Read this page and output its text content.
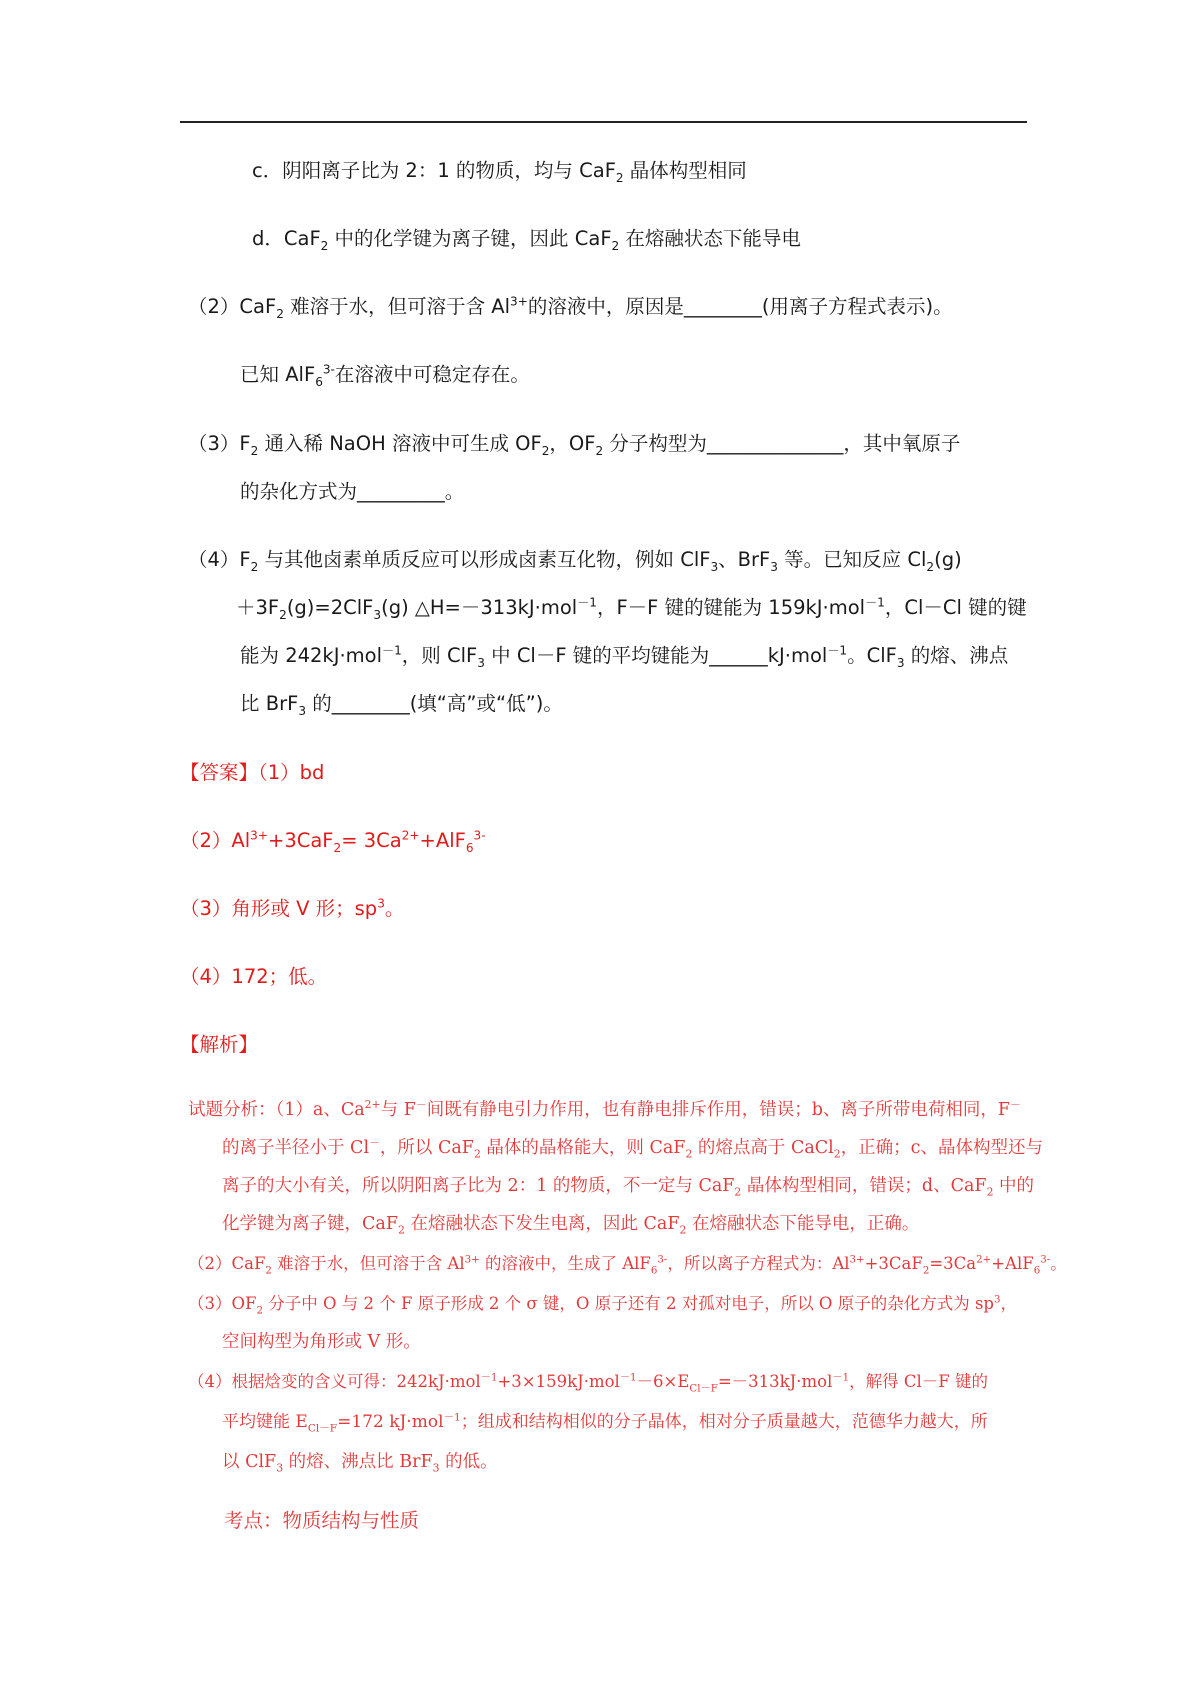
c．阴阳离子比为 2：1 的物质，均与 CaF$_2$ 晶体构型相同
d．CaF$_2$ 中的化学键为离子键，因此 CaF$_2$ 在熔融状态下能导电
（2）CaF$_2$ 难溶于水，但可溶于含 $Al^{3+}$的溶液中，原因是________(用离子方程式表示)。
已知 AlF$_6^{3-}$在溶液中可稳定存在。
$(3)F_2$ 通入稀 NaOH 溶液中可生成 $OF_2$，$OF_2$ 分子构型为______________，其中氧原子
的杂化方式为_________。
$(4)F_2$ 与其他卤素单质反应可以形成卤素互化物，例如 ClF$_3$、BrF$_3$ 等。已知反应 $Cl_2(g)$
$+3F_2(g)=2ClF_3(g)$ △H=－313kJ·mol$^{-1}$，F－F 键的键能为 159kJ·mol$^{-1}$，Cl－Cl 键的键
能为 242kJ·mol$^{-1}$，则 ClF$_3$ 中 Cl－F 键的平均键能为______kJ·mol$^{-1}$。ClF$_3$ 的熔、沸点
比 BrF$_3$ 的________(填“高”或“低”)。
【答案】（1）bd
$(2)Al^{3+}+3CaF_2= 3Ca^{2+}+AlF_6^{3-}$
（3）角形或 V 形；$sp^3$。
（4）172；低。
【解析】
试题分析：（1）a、$Ca^{2+}$与 F－间既有静电引力作用，也有静电排斥作用，错误；b、离子所带电荷相同，F－
的离子半径小于 Cl－，所以 CaF$_2$ 晶体的晶格能大，则 CaF$_2$ 的熔点高于 CaCl$_2$，正确；c、晶体构型还与
离子的大小有关，所以阴阳离子比为 2：1 的物质，不一定与 CaF$_2$ 晶体构型相同，错误；d、CaF$_2$ 中的
化学键为离子键，CaF$_2$ 在熔融状态下发生电离，因此 CaF$_2$ 在熔融状态下能导电，正确。
（2）CaF$_2$ 难溶于水，但可溶于含 $Al^{3+}$ 的溶液中，生成了 AlF$_6^{3-}$，所以离子方程式为：$Al^{3+}+3CaF_2=3Ca^{2+}+AlF_6^{3-}$。
$(3)OF_2$ 分子中 O 与 2 个 F 原子形成 2 个 σ 键，O 原子还有 2 对孤对电子，所以 O 原子的杂化方式为 $sp^3$，
空间构型为角形或 V 形。
（4）根据焓变的含义可得：$242kJ\cdot mol^{-1}+3\times 159kJ\cdot mol^{-1}-6\times E_{Cl-F}=-313kJ\cdot mol^{-1}$，解得 Cl－F 键的
平均键能 $E_{Cl-F}=172$ kJ·mol$^{-1}$；组成和结构相似的分子晶体，相对分子质量越大，范德华力越大，所
以 ClF$_3$ 的熔、沸点比 BrF$_3$ 的低。
考点：物质结构与性质
